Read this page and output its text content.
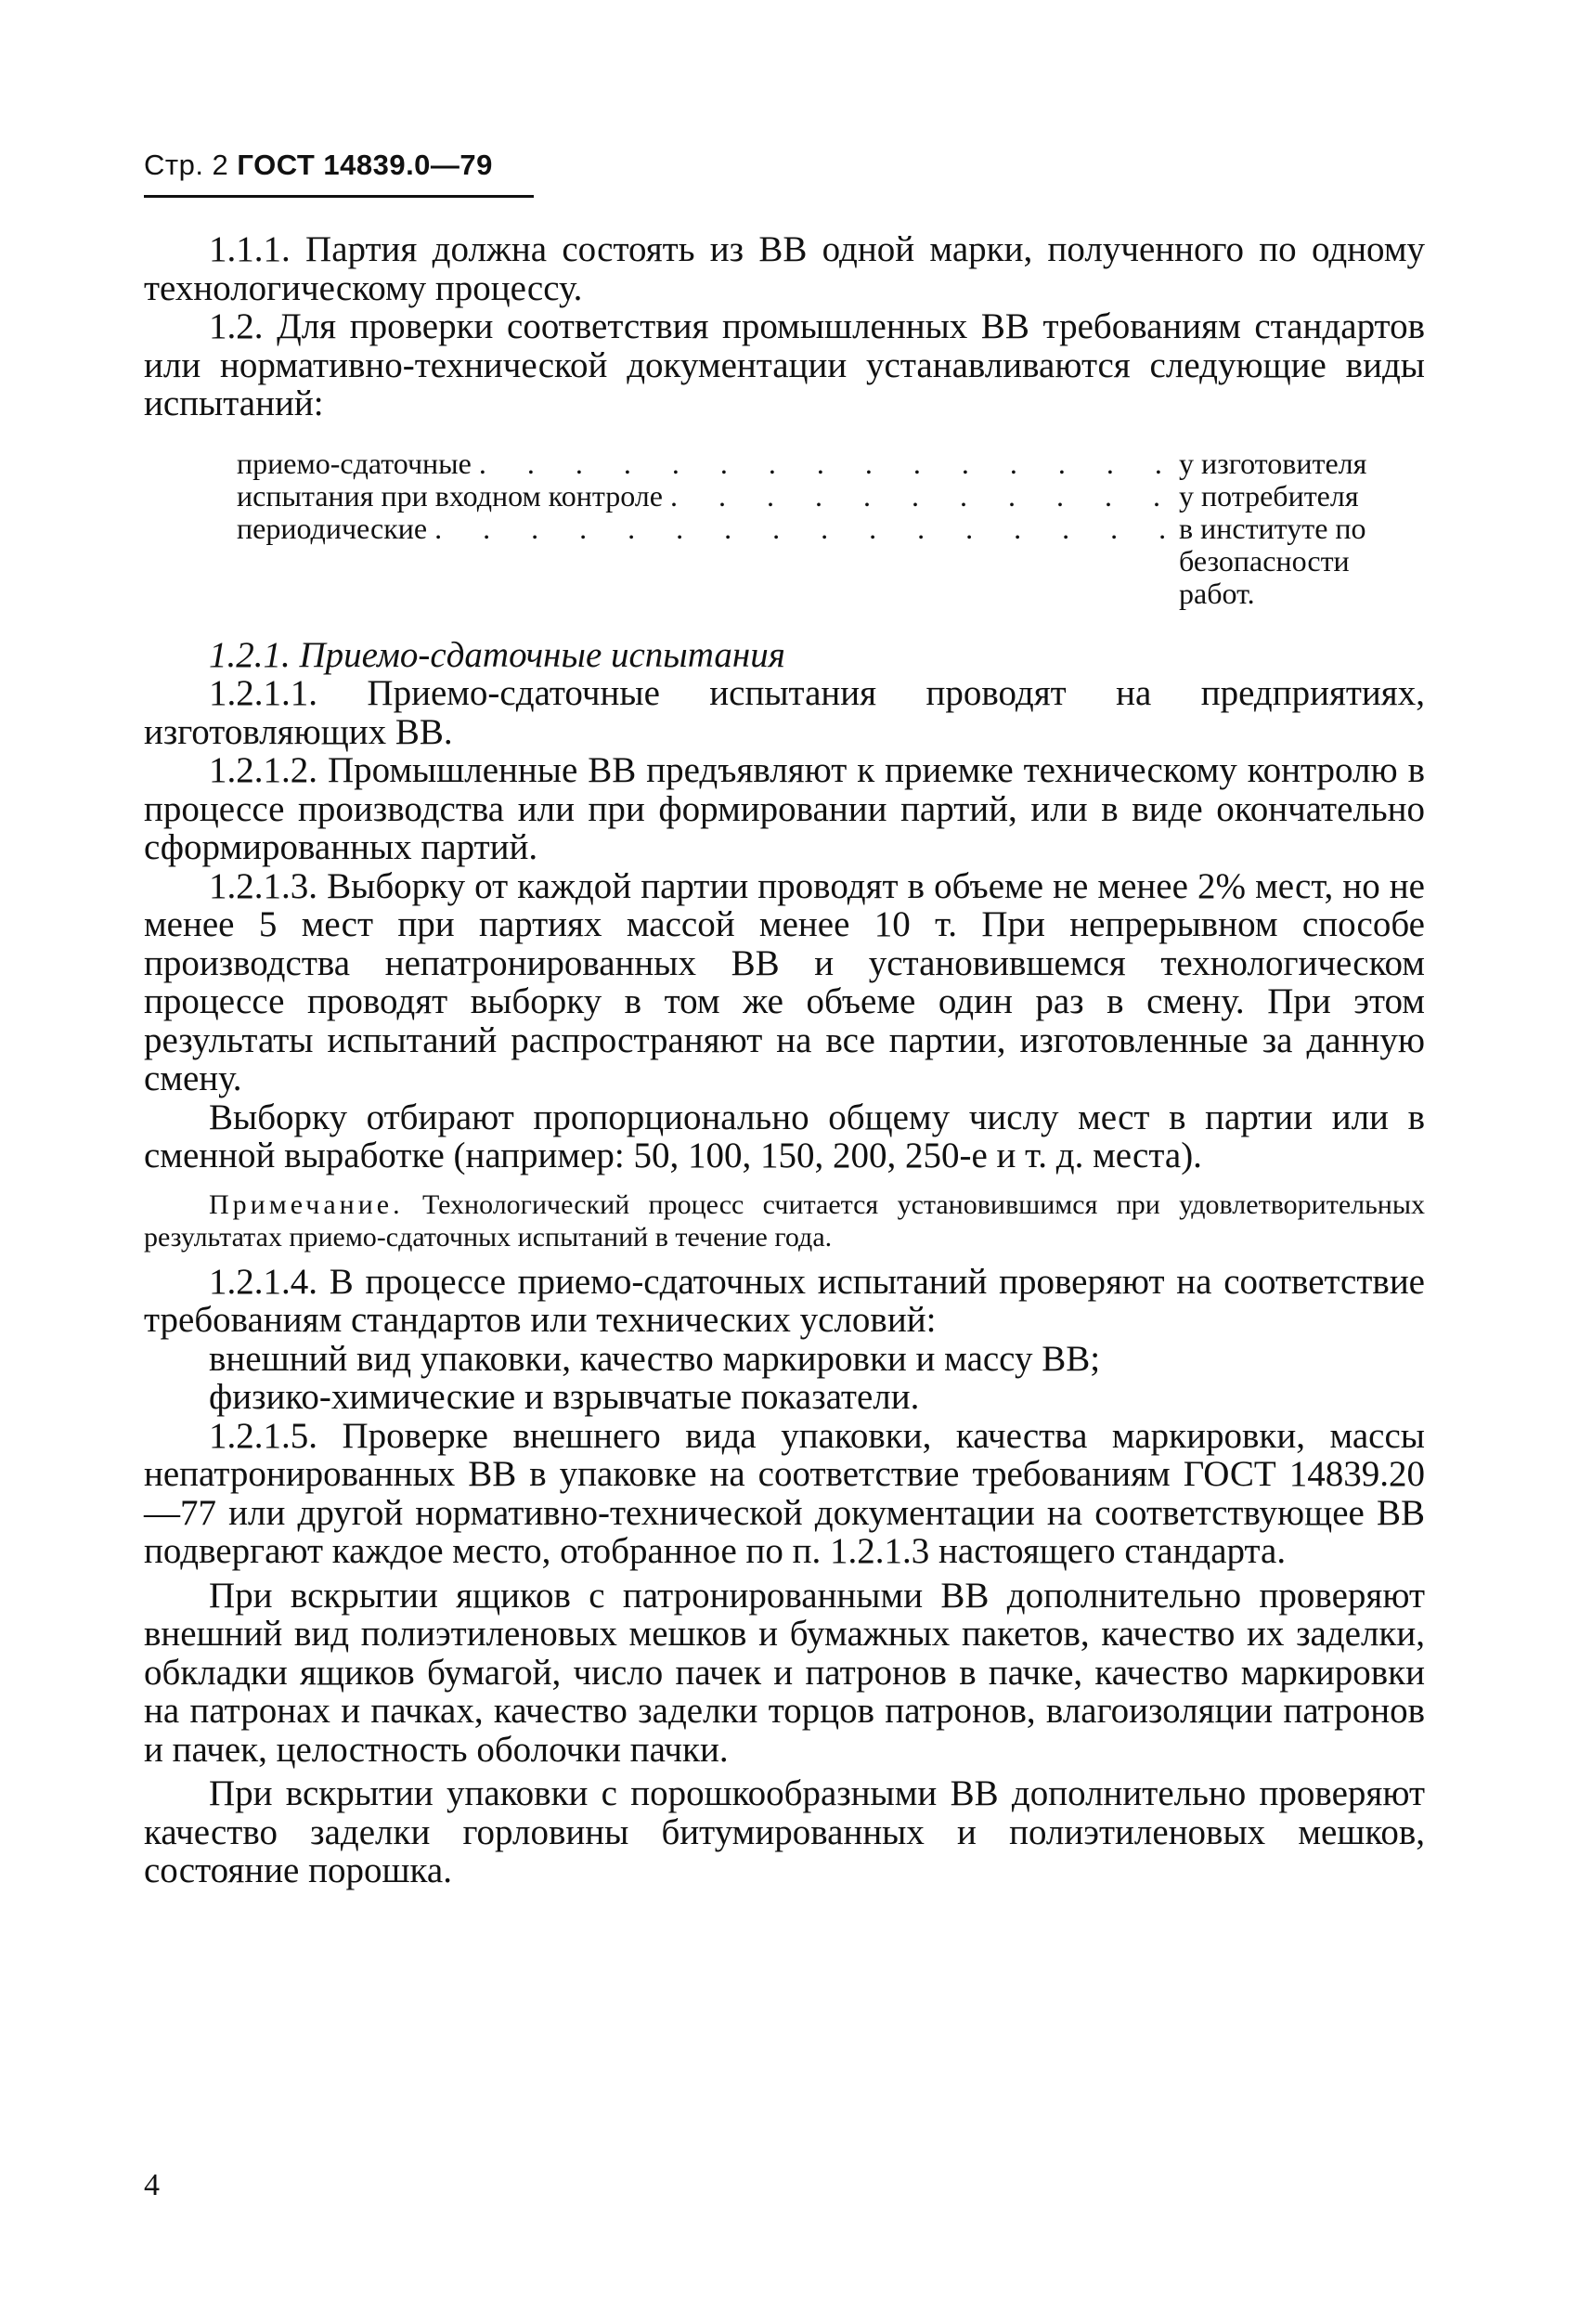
Стр. 2 ГОСТ 14839.0—79

1.1.1. Партия должна состоять из ВВ одной марки, полученного по одному технологическому процессу.

1.2. Для проверки соответствия промышленных ВВ требованиям стандартов или нормативно-технической документации устанавливаются следующие виды испытаний:

приемо-сдаточные . . .	у изготовителя
испытания при входном контроле . . .	у потребителя
периодические . . .	в институте по безопасности работ.

1.2.1. Приемо-сдаточные испытания

1.2.1.1. Приемо-сдаточные испытания проводят на предприятиях, изготовляющих ВВ.

1.2.1.2. Промышленные ВВ предъявляют к приемке техническому контролю в процессе производства или при формировании партий, или в виде окончательно сформированных партий.

1.2.1.3. Выборку от каждой партии проводят в объеме не менее 2% мест, но не менее 5 мест при партиях массой менее 10 т. При непрерывном способе производства непатронированных ВВ и установившемся технологическом процессе проводят выборку в том же объеме один раз в смену. При этом результаты испытаний распространяют на все партии, изготовленные за данную смену.

Выборку отбирают пропорционально общему числу мест в партии или в сменной выработке (например: 50, 100, 150, 200, 250-е и т. д. места).

Примечание. Технологический процесс считается установившимся при удовлетворительных результатах приемо-сдаточных испытаний в течение года.

1.2.1.4. В процессе приемо-сдаточных испытаний проверяют на соответствие требованиям стандартов или технических условий:

внешний вид упаковки, качество маркировки и массу ВВ;

физико-химические и взрывчатые показатели.

1.2.1.5. Проверке внешнего вида упаковки, качества маркировки, массы непатронированных ВВ в упаковке на соответствие требованиям ГОСТ 14839.20—77 или другой нормативно-технической документации на соответствующее ВВ подвергают каждое место, отобранное по п. 1.2.1.3 настоящего стандарта.

При вскрытии ящиков с патронированными ВВ дополнительно проверяют внешний вид полиэтиленовых мешков и бумажных пакетов, качество их заделки, обкладки ящиков бумагой, число пачек и патронов в пачке, качество маркировки на патронах и пачках, качество заделки торцов патронов, влагоизоляции патронов и пачек, целостность оболочки пачки.

При вскрытии упаковки с порошкообразными ВВ дополнительно проверяют качество заделки горловины битумированных и полиэтиленовых мешков, состояние порошка.

4
